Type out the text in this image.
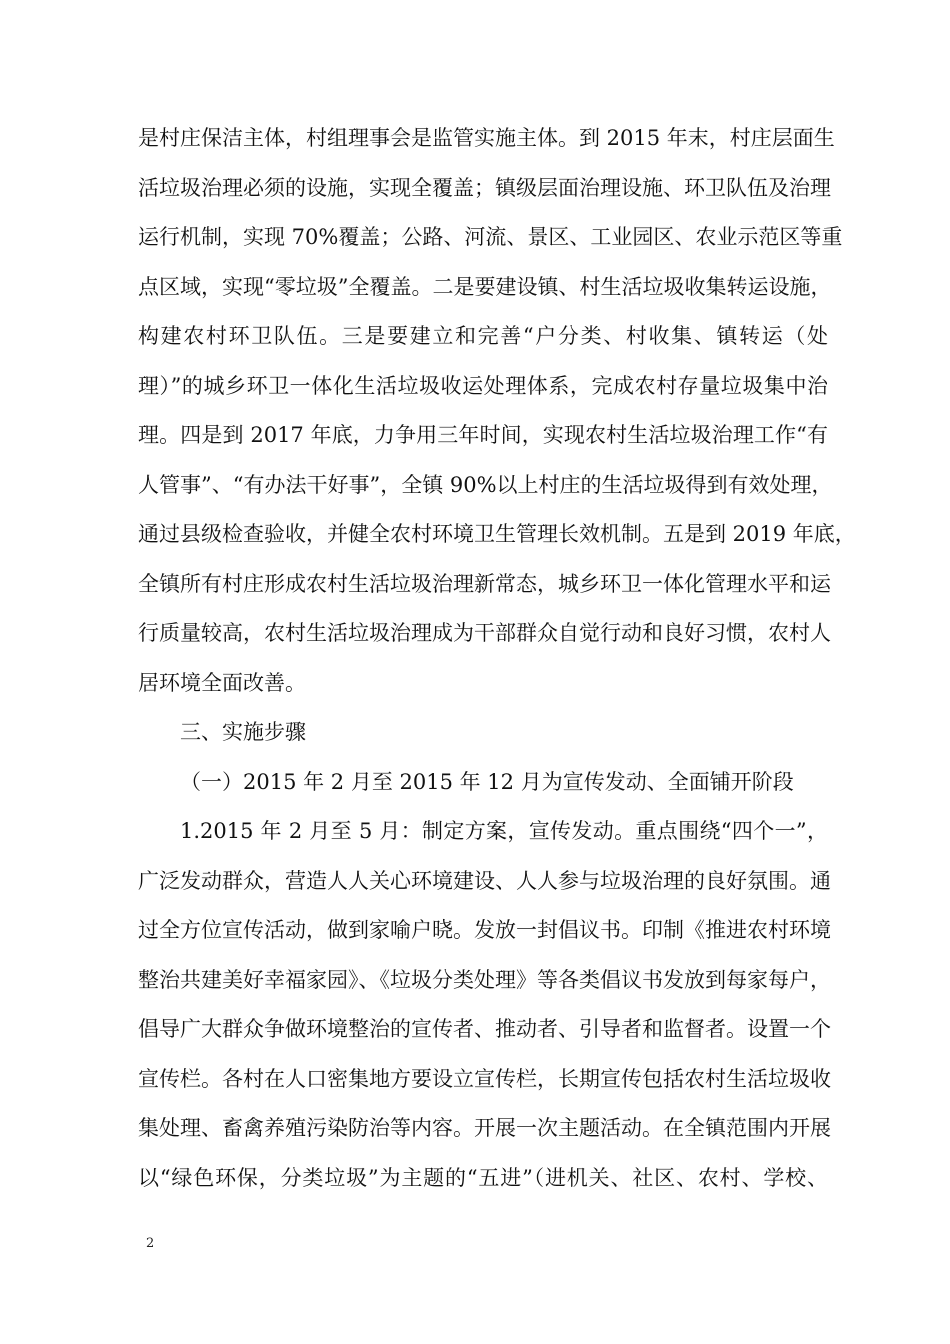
是村庄保洁主体，村组理事会是监管实施主体。到 2015 年末，村庄层面生
活垃圾治理必须的设施，实现全覆盖；镇级层面治理设施、环卫队伍及治理
运行机制，实现 70%覆盖；公路、河流、景区、工业园区、农业示范区等重
点区域，实现“零垃圾”全覆盖。二是要建设镇、村生活垃圾收集转运设施，
构建农村环卫队伍。三是要建立和完善“户分类、村收集、镇转运（处
理）”的城乡环卫一体化生活垃圾收运处理体系，完成农村存量垃圾集中治
理。四是到 2017 年底，力争用三年时间，实现农村生活垃圾治理工作“有
人管事”、“有办法干好事”，全镇 90%以上村庄的生活垃圾得到有效处理，
通过县级检查验收，并健全农村环境卫生管理长效机制。五是到 2019 年底，
全镇所有村庄形成农村生活垃圾治理新常态，城乡环卫一体化管理水平和运
行质量较高，农村生活垃圾治理成为干部群众自觉行动和良好习惯，农村人
居环境全面改善。
三、实施步骤
（一）2015 年 2 月至 2015 年 12 月为宣传发动、全面铺开阶段
1.2015 年 2 月至 5 月：制定方案，宣传发动。重点围绕“四个一”，
广泛发动群众，营造人人关心环境建设、人人参与垃圾治理的良好氛围。通
过全方位宣传活动，做到家喻户晓。发放一封倡议书。印制《推进农村环境
整治共建美好幸福家园》、《垃圾分类处理》等各类倡议书发放到每家每户，
倡导广大群众争做环境整治的宣传者、推动者、引导者和监督者。设置一个
宣传栏。各村在人口密集地方要设立宣传栏，长期宣传包括农村生活垃圾收
集处理、畜禽养殖污染防治等内容。开展一次主题活动。在全镇范围内开展
以“绿色环保，分类垃圾”为主题的“五进”（进机关、社区、农村、学校、
2
